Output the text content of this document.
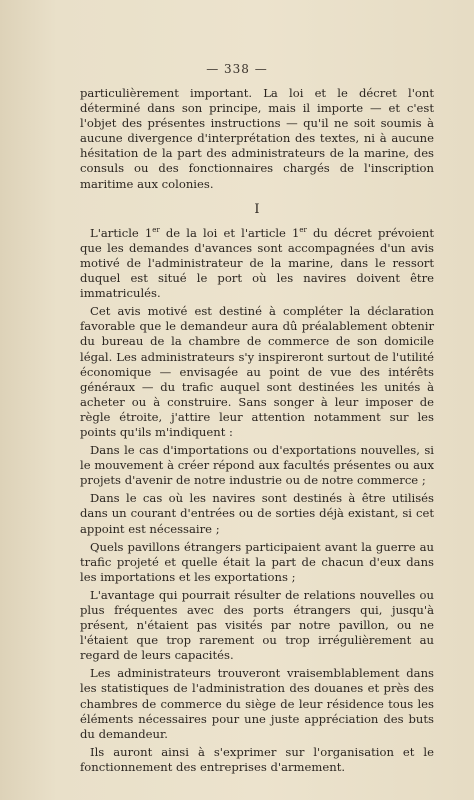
— 338 —

particulièrement important. La loi et le décret l'ont déterminé dans son principe, mais il importe — et c'est l'objet des présentes instructions — qu'il ne soit soumis à aucune divergence d'interprétation des textes, ni à aucune hésitation de la part des administrateurs de la marine, des consuls ou des fonctionnaires chargés de l'inscription maritime aux colonies.

I

L'article 1er de la loi et l'article 1er du décret prévoient que les demandes d'avances sont accompagnées d'un avis motivé de l'administrateur de la marine, dans le ressort duquel est situé le port où les navires doivent être immatriculés.

Cet avis motivé est destiné à compléter la déclaration favorable que le demandeur aura dû préalablement obtenir du bureau de la chambre de commerce de son domicile légal. Les administrateurs s'y inspireront surtout de l'utilité économique — envisagée au point de vue des intérêts généraux — du trafic auquel sont destinées les unités à acheter ou à construire. Sans songer à leur imposer de règle étroite, j'attire leur attention notamment sur les points qu'ils m'indiquent :

Dans le cas d'importations ou d'exportations nouvelles, si le mouvement à créer répond aux facultés présentes ou aux projets d'avenir de notre industrie ou de notre commerce ;

Dans le cas où les navires sont destinés à être utilisés dans un courant d'entrées ou de sorties déjà existant, si cet appoint est nécessaire ;

Quels pavillons étrangers participaient avant la guerre au trafic projeté et quelle était la part de chacun d'eux dans les importations et les exportations ;

L'avantage qui pourrait résulter de relations nouvelles ou plus fréquentes avec des ports étrangers qui, jusqu'à présent, n'étaient pas visités par notre pavillon, ou ne l'étaient que trop rarement ou trop irrégulièrement au regard de leurs capacités.

Les administrateurs trouveront vraisemblablement dans les statistiques de l'administration des douanes et près des chambres de commerce du siège de leur résidence tous les éléments nécessaires pour une juste appréciation des buts du demandeur.

Ils auront ainsi à s'exprimer sur l'organisation et le fonctionnement des entreprises d'armement.
